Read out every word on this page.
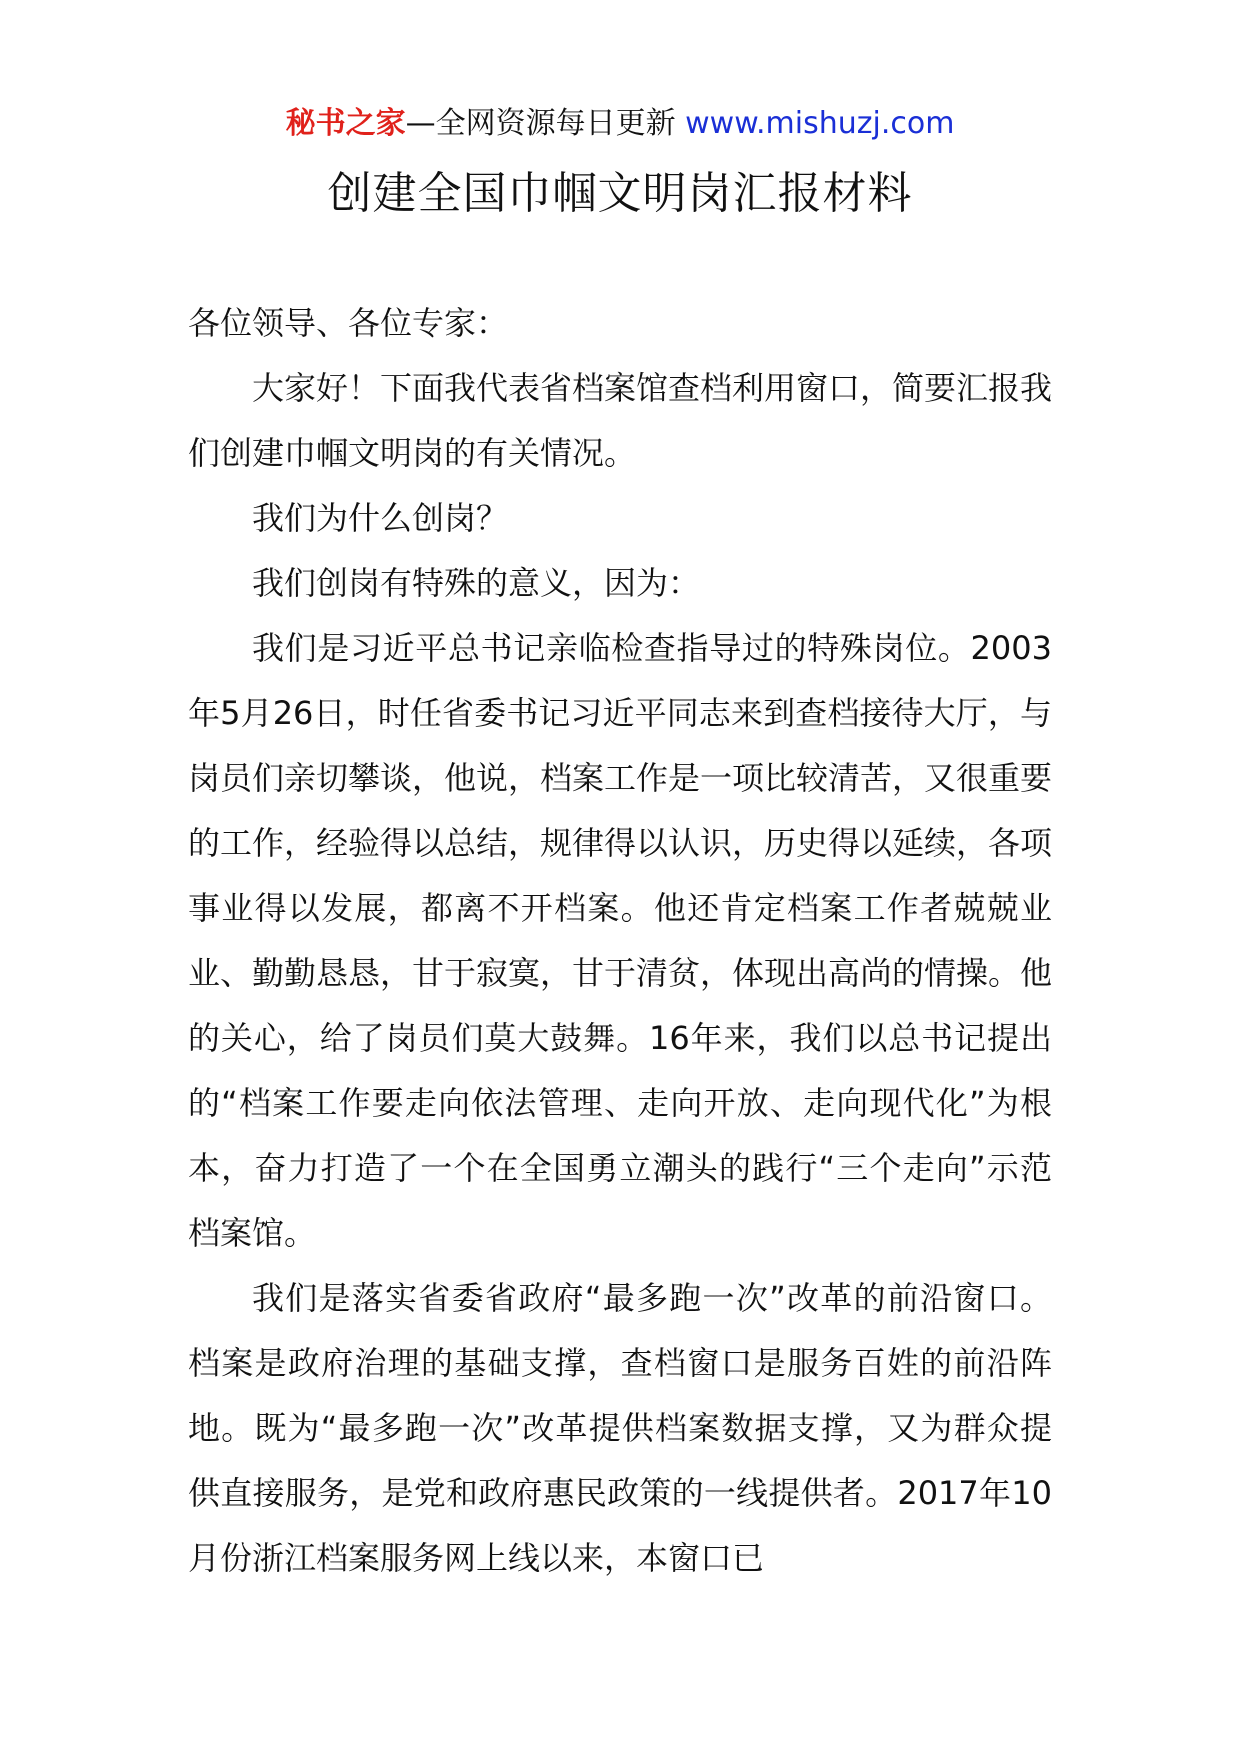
秘书之家—全网资源每日更新 www.mishuzj.com
创建全国巾帼文明岗汇报材料

各位领导、各位专家：

大家好！下面我代表省档案馆查档利用窗口，简要汇报我们创建巾帼文明岗的有关情况。

我们为什么创岗？

我们创岗有特殊的意义，因为：

我们是习近平总书记亲临检查指导过的特殊岗位。2003年5月26日，时任省委书记习近平同志来到查档接待大厅，与岗员们亲切攀谈，他说，档案工作是一项比较清苦，又很重要的工作，经验得以总结，规律得以认识，历史得以延续，各项事业得以发展，都离不开档案。他还肯定档案工作者兢兢业业、勤勤恳恳，甘于寂寞，甘于清贫，体现出高尚的情操。他的关心，给了岗员们莫大鼓舞。16年来，我们以总书记提出的“档案工作要走向依法管理、走向开放、走向现代化”为根本，奋力打造了一个在全国勇立潮头的践行“三个走向”示范档案馆。

我们是落实省委省政府“最多跑一次”改革的前沿窗口。档案是政府治理的基础支撑，查档窗口是服务百姓的前沿阵地。既为“最多跑一次”改革提供档案数据支撑，又为群众提供直接服务，是党和政府惠民政策的一线提供者。2017年10月份浙江档案服务网上线以来，本窗口已
